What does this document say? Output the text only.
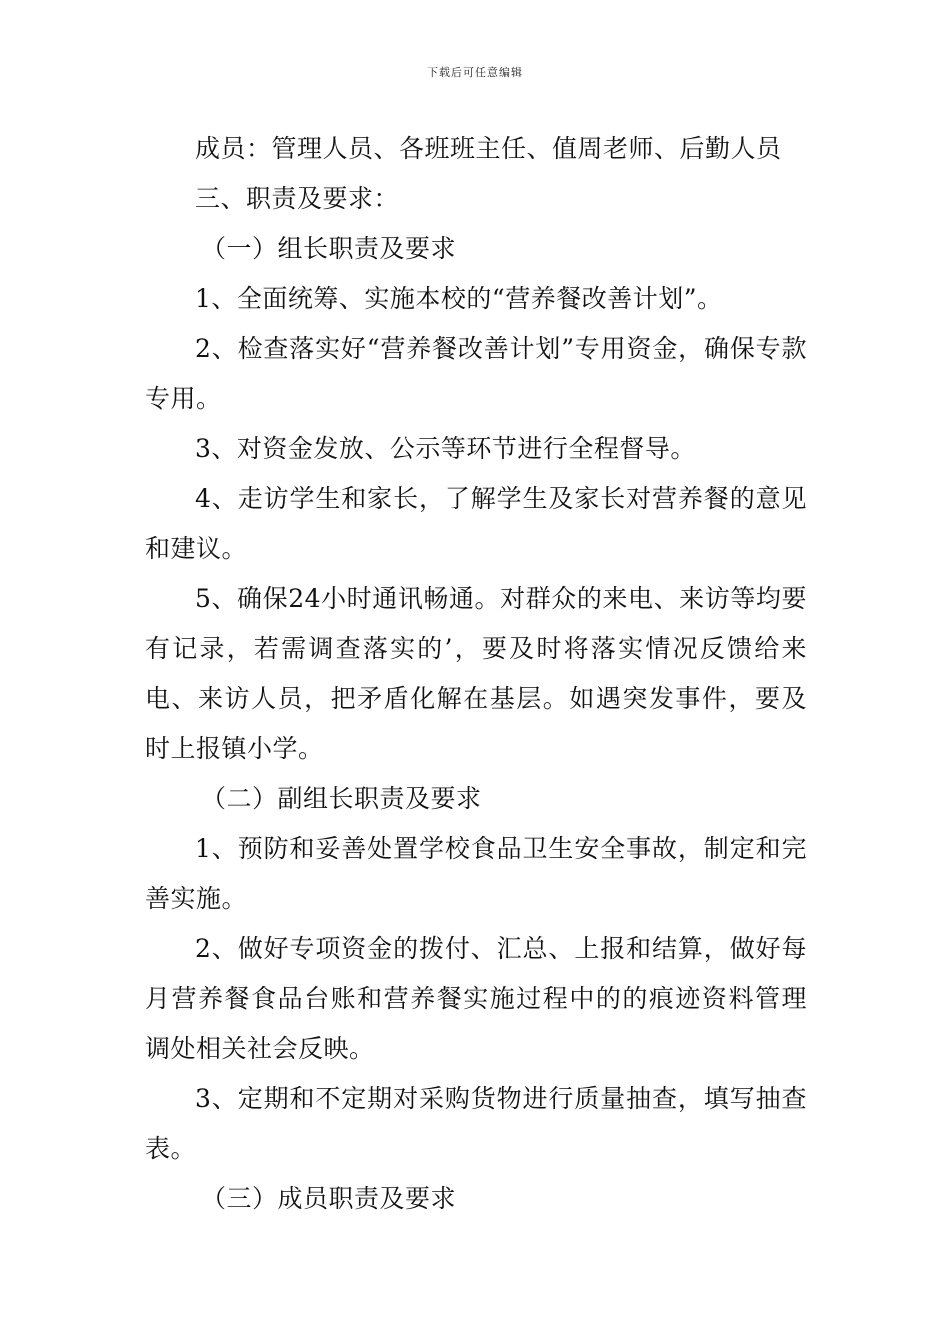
下载后可任意编辑

成员：管理人员、各班班主任、值周老师、后勤人员

三、职责及要求：

（一）组长职责及要求

1、全面统筹、实施本校的“营养餐改善计划”。

2、检查落实好“营养餐改善计划”专用资金，确保专款专用。

3、对资金发放、公示等环节进行全程督导。

4、走访学生和家长，了解学生及家长对营养餐的意见和建议。

5、确保24小时通讯畅通。对群众的来电、来访等均要有记录，若需调查落实的’，要及时将落实情况反馈给来电、来访人员，把矛盾化解在基层。如遇突发事件，要及时上报镇小学。

（二）副组长职责及要求

1、预防和妥善处置学校食品卫生安全事故，制定和完善实施。

2、做好专项资金的拨付、汇总、上报和结算，做好每月营养餐食品台账和营养餐实施过程中的的痕迹资料管理调处相关社会反映。

3、定期和不定期对采购货物进行质量抽查，填写抽查表。

（三）成员职责及要求
